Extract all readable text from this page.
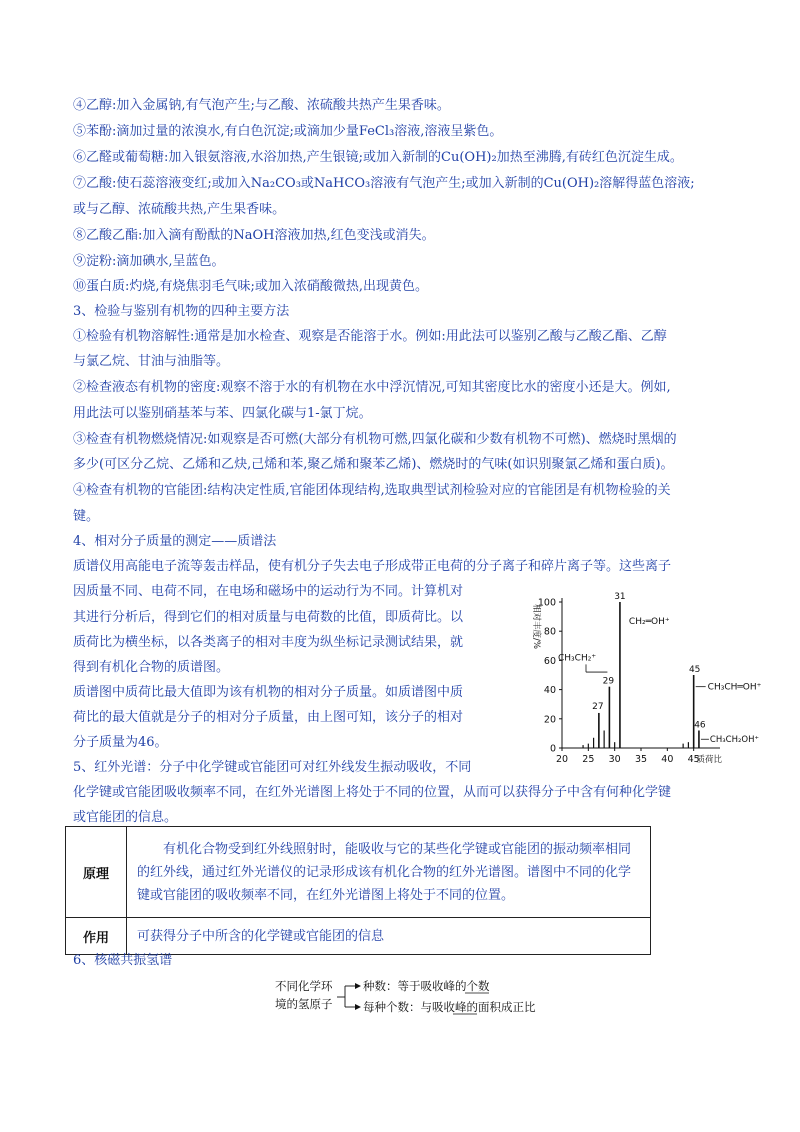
④乙醇:加入金属钠,有气泡产生;与乙酸、浓硫酸共热产生果香味。
⑤苯酚:滴加过量的浓溴水,有白色沉淀;或滴加少量FeCl₃溶液,溶液呈紫色。
⑥乙醛或葡萄糖:加入银氨溶液,水浴加热,产生银镜;或加入新制的Cu(OH)₂加热至沸腾,有砖红色沉淀生成。
⑦乙酸:使石蕊溶液变红;或加入Na₂CO₃或NaHCO₃溶液有气泡产生;或加入新制的Cu(OH)₂溶解得蓝色溶液;
或与乙醇、浓硫酸共热,产生果香味。
⑧乙酸乙酯:加入滴有酚酞的NaOH溶液加热,红色变浅或消失。
⑨淀粉:滴加碘水,呈蓝色。
⑩蛋白质:灼烧,有烧焦羽毛气味;或加入浓硝酸微热,出现黄色。
3、检验与鉴别有机物的四种主要方法
①检验有机物溶解性:通常是加水检查、观察是否能溶于水。例如:用此法可以鉴别乙酸与乙酸乙酯、乙醇
与氯乙烷、甘油与油脂等。
②检查液态有机物的密度:观察不溶于水的有机物在水中浮沉情况,可知其密度比水的密度小还是大。例如,
用此法可以鉴别硝基苯与苯、四氯化碳与1-氯丁烷。
③检查有机物燃烧情况:如观察是否可燃(大部分有机物可燃,四氯化碳和少数有机物不可燃)、燃烧时黑烟的
多少(可区分乙烷、乙烯和乙炔,己烯和苯,聚乙烯和聚苯乙烯)、燃烧时的气味(如识别聚氯乙烯和蛋白质)。
④检查有机物的官能团:结构决定性质,官能团体现结构,选取典型试剂检验对应的官能团是有机物检验的关
键。
4、相对分子质量的测定——质谱法
质谱仪用高能电子流等轰击样品，使有机分子失去电子形成带正电荷的分子离子和碎片离子等。这些离子
因质量不同、电荷不同，在电场和磁场中的运动行为不同。计算机对
其进行分析后，得到它们的相对质量与电荷数的比值，即质荷比。以
质荷比为横坐标，以各类离子的相对丰度为纵坐标记录测试结果，就
得到有机化合物的质谱图。
质谱图中质荷比最大值即为该有机物的相对分子质量。如质谱图中质
荷比的最大值就是分子的相对分子质量，由上图可知，该分子的相对
分子质量为46。
5、红外光谱：分子中化学键或官能团可对红外线发生振动吸收，不同
化学键或官能团吸收频率不同，在红外光谱图上将处于不同的位置，从而可以获得分子中含有何种化学键
或官能团的信息。
0
20
40
60
80
100
20 25 30 35 40 45
相对丰度/%
质荷比
27
29
31
45
46
CH₂═OH⁺
CH₃CH₂⁺
CH₃CH═OH⁺
CH₃CH₂OH⁺
原理	有机化合物受到红外线照射时，能吸收与它的某些化学键或官能团的振动频率相同的红外线，通过红外光谱仪的记录形成该有机化合物的红外光谱图。谱图中不同的化学键或官能团的吸收频率不同，在红外光谱图上将处于不同的位置。
作用	可获得分子中所含的化学键或官能团的信息
6、核磁共振氢谱
不同化学环
境的氢原子
种数：等于吸收峰的个数
每种个数：与吸收峰的面积成正比
